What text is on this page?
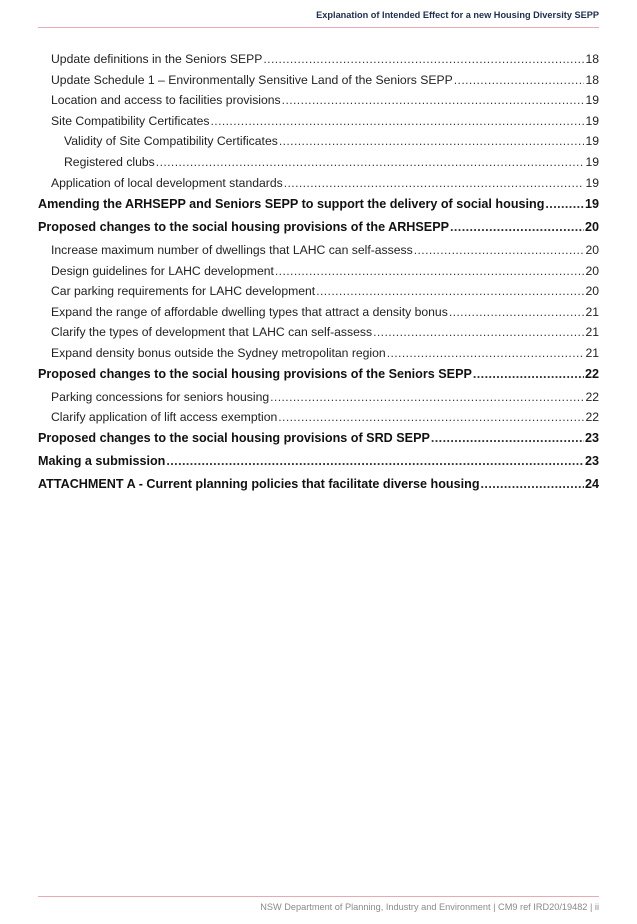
Explanation of Intended Effect for a new Housing Diversity SEPP
Update definitions in the Seniors SEPP .....	18
Update Schedule 1 – Environmentally Sensitive Land of the Seniors SEPP .....	18
Location and access to facilities provisions .....	19
Site Compatibility Certificates .....	19
Validity of Site Compatibility Certificates .....	19
Registered clubs .....	19
Application of local development standards .....	19
Amending the ARHSEPP and Seniors SEPP to support the delivery of social housing .....	19
Proposed changes to the social housing provisions of the ARHSEPP .....	20
Increase maximum number of dwellings that LAHC can self-assess .....	20
Design guidelines for LAHC development .....	20
Car parking requirements for LAHC development .....	20
Expand the range of affordable dwelling types that attract a density bonus .....	21
Clarify the types of development that LAHC can self-assess .....	21
Expand density bonus outside the Sydney metropolitan region .....	21
Proposed changes to the social housing provisions of the Seniors SEPP .....	22
Parking concessions for seniors housing .....	22
Clarify application of lift access exemption .....	22
Proposed changes to the social housing provisions of SRD SEPP .....	23
Making a submission .....	23
ATTACHMENT A - Current planning policies that facilitate diverse housing .....	24
NSW Department of Planning, Industry and Environment | CM9 ref IRD20/19482 | ii
